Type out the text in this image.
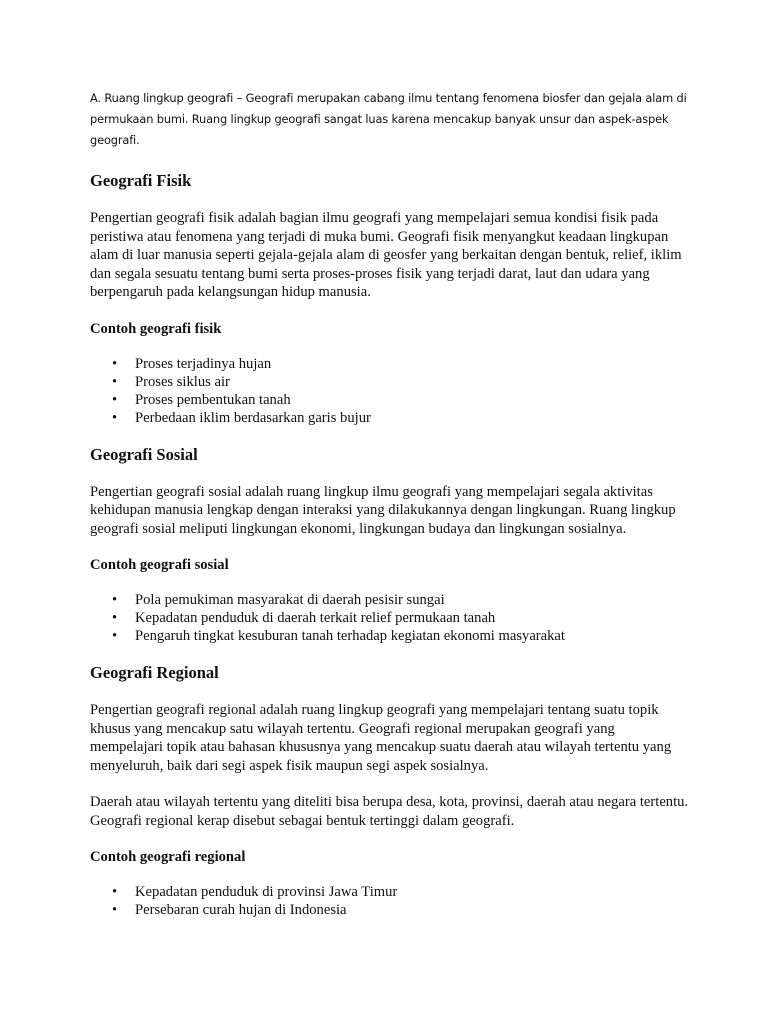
A. Ruang lingkup geografi – Geografi merupakan cabang ilmu tentang fenomena biosfer dan gejala alam di permukaan bumi. Ruang lingkup geografi sangat luas karena mencakup banyak unsur dan aspek-aspek geografi.

Geografi Fisik

Pengertian geografi fisik adalah bagian ilmu geografi yang mempelajari semua kondisi fisik pada peristiwa atau fenomena yang terjadi di muka bumi. Geografi fisik menyangkut keadaan lingkupan alam di luar manusia seperti gejala-gejala alam di geosfer yang berkaitan dengan bentuk, relief, iklim dan segala sesuatu tentang bumi serta proses-proses fisik yang terjadi darat, laut dan udara yang berpengaruh pada kelangsungan hidup manusia.

Contoh geografi fisik
• Proses terjadinya hujan
• Proses siklus air
• Proses pembentukan tanah
• Perbedaan iklim berdasarkan garis bujur
Geografi Sosial

Pengertian geografi sosial adalah ruang lingkup ilmu geografi yang mempelajari segala aktivitas kehidupan manusia lengkap dengan interaksi yang dilakukannya dengan lingkungan. Ruang lingkup geografi sosial meliputi lingkungan ekonomi, lingkungan budaya dan lingkungan sosialnya.

Contoh geografi sosial
• Pola pemukiman masyarakat di daerah pesisir sungai
• Kepadatan penduduk di daerah terkait relief permukaan tanah
• Pengaruh tingkat kesuburan tanah terhadap kegiatan ekonomi masyarakat
Geografi Regional

Pengertian geografi regional adalah ruang lingkup geografi yang mempelajari tentang suatu topik khusus yang mencakup satu wilayah tertentu. Geografi regional merupakan geografi yang mempelajari topik atau bahasan khususnya yang mencakup suatu daerah atau wilayah tertentu yang menyeluruh, baik dari segi aspek fisik maupun segi aspek sosialnya.

Daerah atau wilayah tertentu yang diteliti bisa berupa desa, kota, provinsi, daerah atau negara tertentu. Geografi regional kerap disebut sebagai bentuk tertinggi dalam geografi.

Contoh geografi regional
• Kepadatan penduduk di provinsi Jawa Timur
• Persebaran curah hujan di Indonesia
